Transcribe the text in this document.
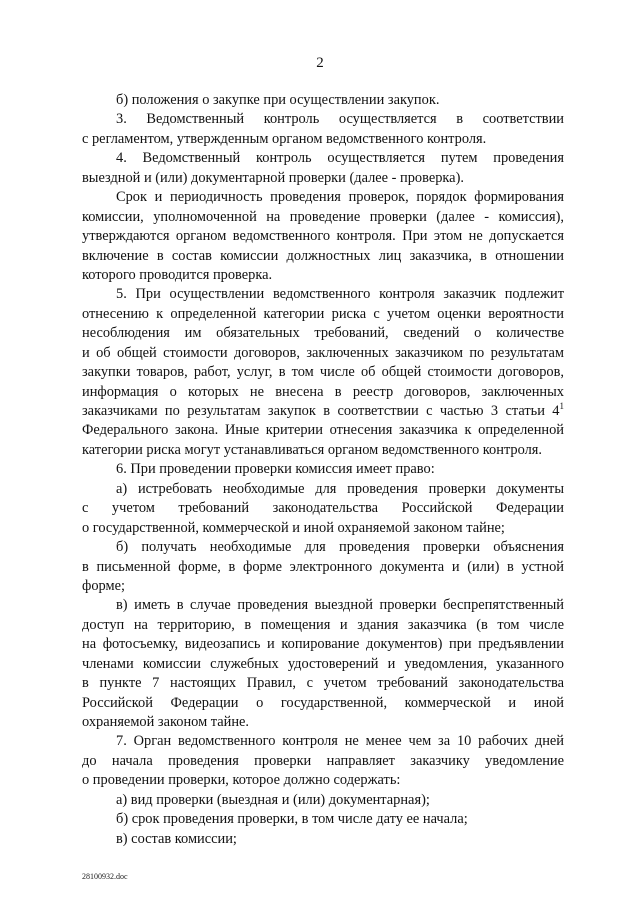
2
б) положения о закупке при осуществлении закупок.
3. Ведомственный контроль осуществляется в соответствии
с регламентом, утвержденным органом ведомственного контроля.
4. Ведомственный контроль осуществляется путем проведения
выездной и (или) документарной проверки (далее - проверка).
Срок и периодичность проведения проверок, порядок формирования
комиссии, уполномоченной на проведение проверки (далее - комиссия),
утверждаются органом ведомственного контроля. При этом не допускается
включение в состав комиссии должностных лиц заказчика, в отношении
которого проводится проверка.
5. При осуществлении ведомственного контроля заказчик подлежит
отнесению к определенной категории риска с учетом оценки вероятности
несоблюдения им обязательных требований, сведений о количестве
и об общей стоимости договоров, заключенных заказчиком по результатам
закупки товаров, работ, услуг, в том числе об общей стоимости договоров,
информация о которых не внесена в реестр договоров, заключенных
заказчиками по результатам закупок в соответствии с частью 3 статьи $4^1$
Федерального закона. Иные критерии отнесения заказчика к определенной
категории риска могут устанавливаться органом ведомственного контроля.
6. При проведении проверки комиссия имеет право:
а) истребовать необходимые для проведения проверки документы
с учетом требований законодательства Российской Федерации
о государственной, коммерческой и иной охраняемой законом тайне;
б) получать необходимые для проведения проверки объяснения
в письменной форме, в форме электронного документа и (или) в устной
форме;
в) иметь в случае проведения выездной проверки беспрепятственный
доступ на территорию, в помещения и здания заказчика (в том числе
на фотосъемку, видеозапись и копирование документов) при предъявлении
членами комиссии служебных удостоверений и уведомления, указанного
в пункте 7 настоящих Правил, с учетом требований законодательства
Российской Федерации о государственной, коммерческой и иной
охраняемой законом тайне.
7. Орган ведомственного контроля не менее чем за 10 рабочих дней
до начала проведения проверки направляет заказчику уведомление
о проведении проверки, которое должно содержать:
а) вид проверки (выездная и (или) документарная);
б) срок проведения проверки, в том числе дату ее начала;
в) состав комиссии;
28100932.doc
